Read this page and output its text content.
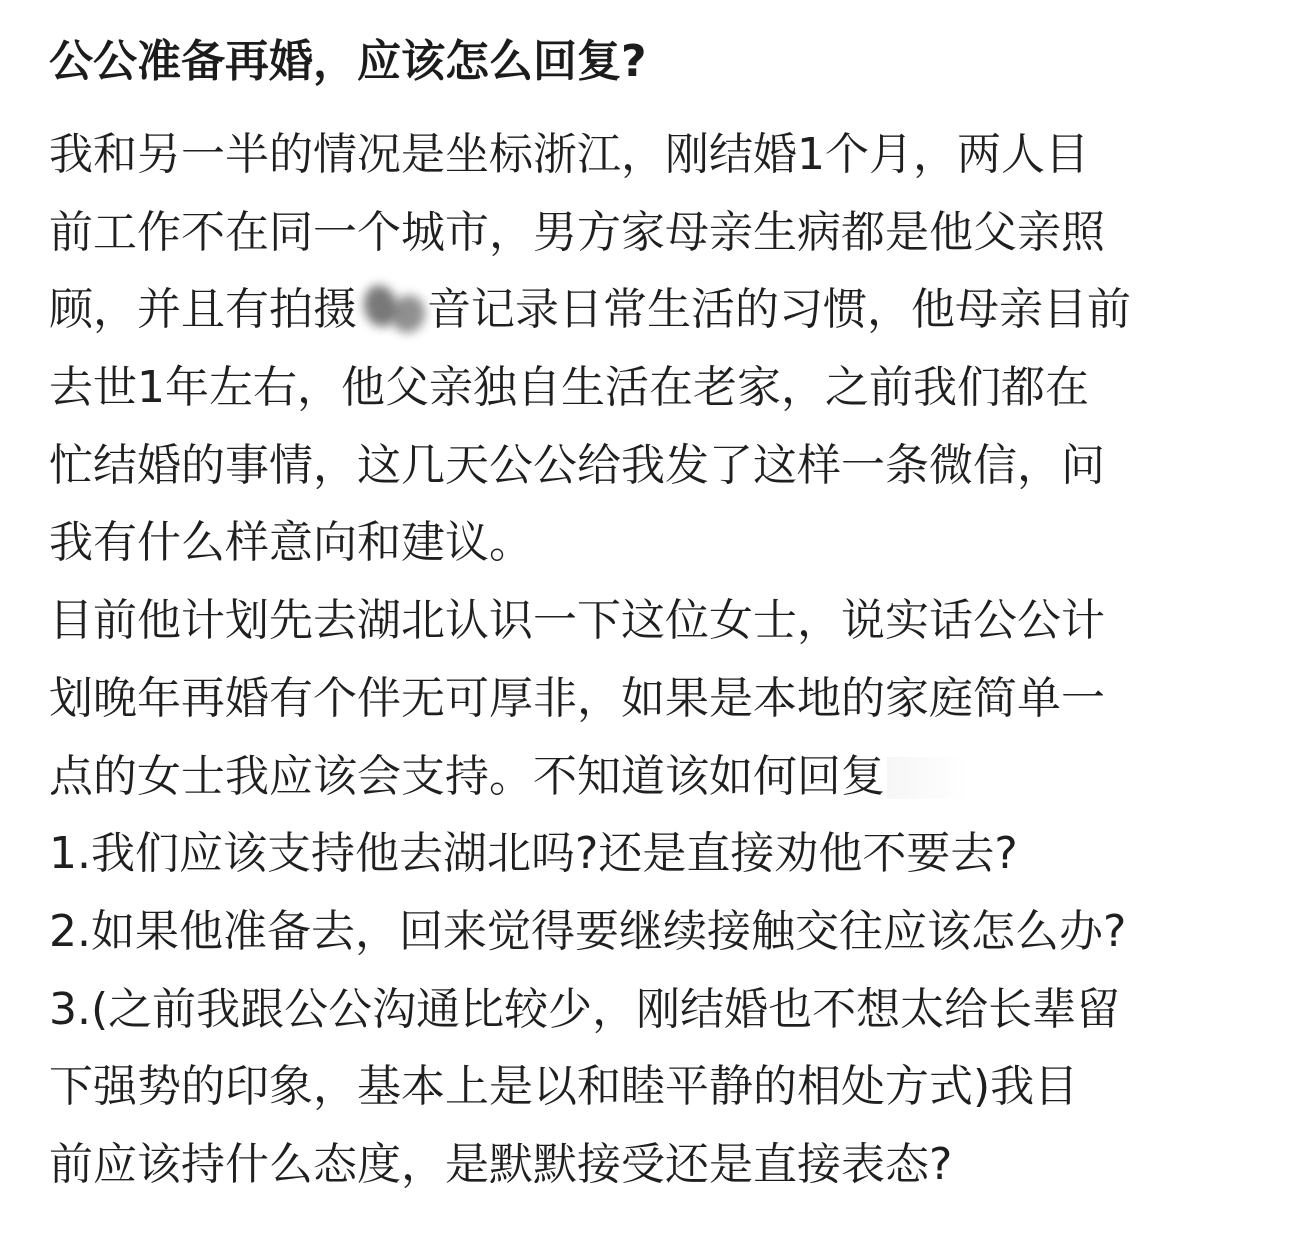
公公准备再婚，应该怎么回复?
我和另一半的情况是坐标浙江，刚结婚1个月，两人目
前工作不在同一个城市，男方家母亲生病都是他父亲照
顾，并且有拍摄 音记录日常生活的习惯，他母亲目前
去世1年左右，他父亲独自生活在老家，之前我们都在
忙结婚的事情，这几天公公给我发了这样一条微信，问
我有什么样意向和建议。
目前他计划先去湖北认识一下这位女士，说实话公公计
划晚年再婚有个伴无可厚非，如果是本地的家庭简单一
点的女士我应该会支持。不知道该如何回复
1.我们应该支持他去湖北吗?还是直接劝他不要去?
2.如果他准备去，回来觉得要继续接触交往应该怎么办?
3.(之前我跟公公沟通比较少，刚结婚也不想太给长辈留
下强势的印象，基本上是以和睦平静的相处方式)我目
前应该持什么态度，是默默接受还是直接表态?
